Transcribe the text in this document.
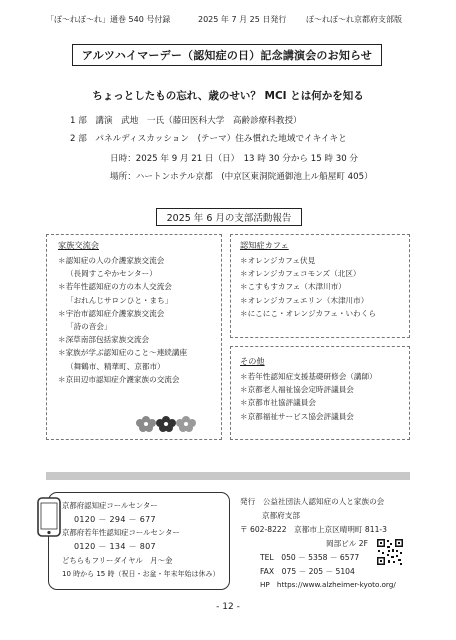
「ぽ～れぽ～れ」通巻 540 号付録	2025 年 7 月 25 日発行 ぽ～れぽ～れ京都府支部版
アルツハイマーデー（認知症の日）記念講演会のお知らせ
ちょっとしたもの忘れ、歳のせい？ MCI とは何かを知る
1 部　講演　武地　一氏（藤田医科大学　高齢診療科教授）
2 部　パネルディスカッション　(テーマ）住み慣れた地域でイキイキと
日時：2025 年 9 月 21 日（日）　13 時 30 分から 15 時 30 分
場所：ハートンホテル京都　(中京区東洞院通御池上ル船屋町 405）
2025 年 6 月の支部活動報告
家族交流会
＊認知症の人の介護家族交流会
（長岡すこやかセンター）
＊若年性認知症の方の本人交流会
「おれんじサロンひと・まち」
＊宇治市認知症介護家族交流会
「詩の音会」
＊深草南部包括家族交流会
＊家族が学ぶ認知症のこと～連続講座
（舞鶴市、精華町、京都市）
＊京田辺市認知症介護家族の交流会
認知症カフェ
＊オレンジカフェ伏見
＊オレンジカフェコモンズ（北区）
＊こすもすカフェ（木津川市）
＊オレンジカフェエリン（木津川市）
＊にこにこ・オレンジカフェ・いわくら
その他
＊若年性認知症支援基礎研修会（講師）
＊京都老人福祉協会定時評議員会
＊京都市社協評議員会
＊京都福祉サービス協会評議員会
京都府認知症コールセンター
0120 － 294 － 677
京都府若年性認知症コールセンター
0120 － 134 － 807
どちらもフリーダイヤル　月～金
10 時から 15 時（祝日・お盆・年末年始は休み）
発行　公益社団法人認知症の人と家族の会
京都府支部
〒 602-8222　京都市上京区晴明町 811-3
岡部ビル 2F
TEL　050 － 5358 － 6577
FAX　075 － 205 － 5104
HP　https://www.alzheimer-kyoto.org/
- 12 -
